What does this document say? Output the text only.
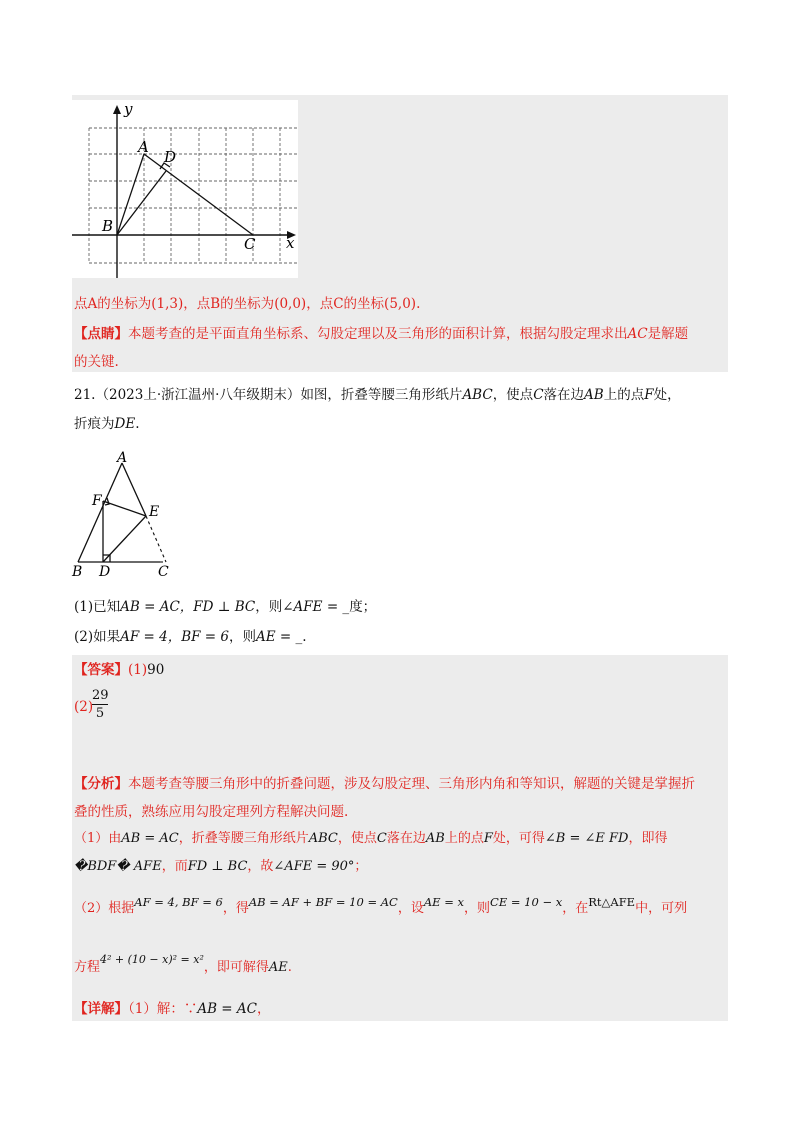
y
x
A
D
B
C
点A的坐标为(1,3)，点B的坐标为(0,0)，点C的坐标(5,0).
【点睛】本题考查的是平面直角坐标系、勾股定理以及三角形的面积计算，根据勾股定理求出AC是解题
的关键.
21.（2023上·浙江温州·八年级期末）如图，折叠等腰三角形纸片ABC，使点C落在边AB上的点F处，
折痕为DE.
A
F
E
B D	C
(1)已知AB = AC，FD ⊥ BC，则∠AFE = _度；
(2)如果AF = 4，BF = 6，则AE = _.
【答案】(1)90
(2)
29
5
【分析】本题考查等腰三角形中的折叠问题，涉及勾股定理、三角形内角和等知识，解题的关键是掌握折
叠的性质，熟练应用勾股定理列方程解决问题.
（1）由AB = AC，折叠等腰三角形纸片ABC，使点C落在边AB上的点F处，可得∠B = ∠E FD，即得
�BDF� AFE，而FD ⊥ BC，故∠AFE = 90°；
（2）根据AF = 4, BF = 6，得AB = AF + BF = 10 = AC，设AE = x，则CE = 10 − x，在Rt△AFE中，可列
方程$^{4^2 + (10 - x)^2 = x^2}$，即可解得AE.
【详解】（1）解：∵AB = AC，
